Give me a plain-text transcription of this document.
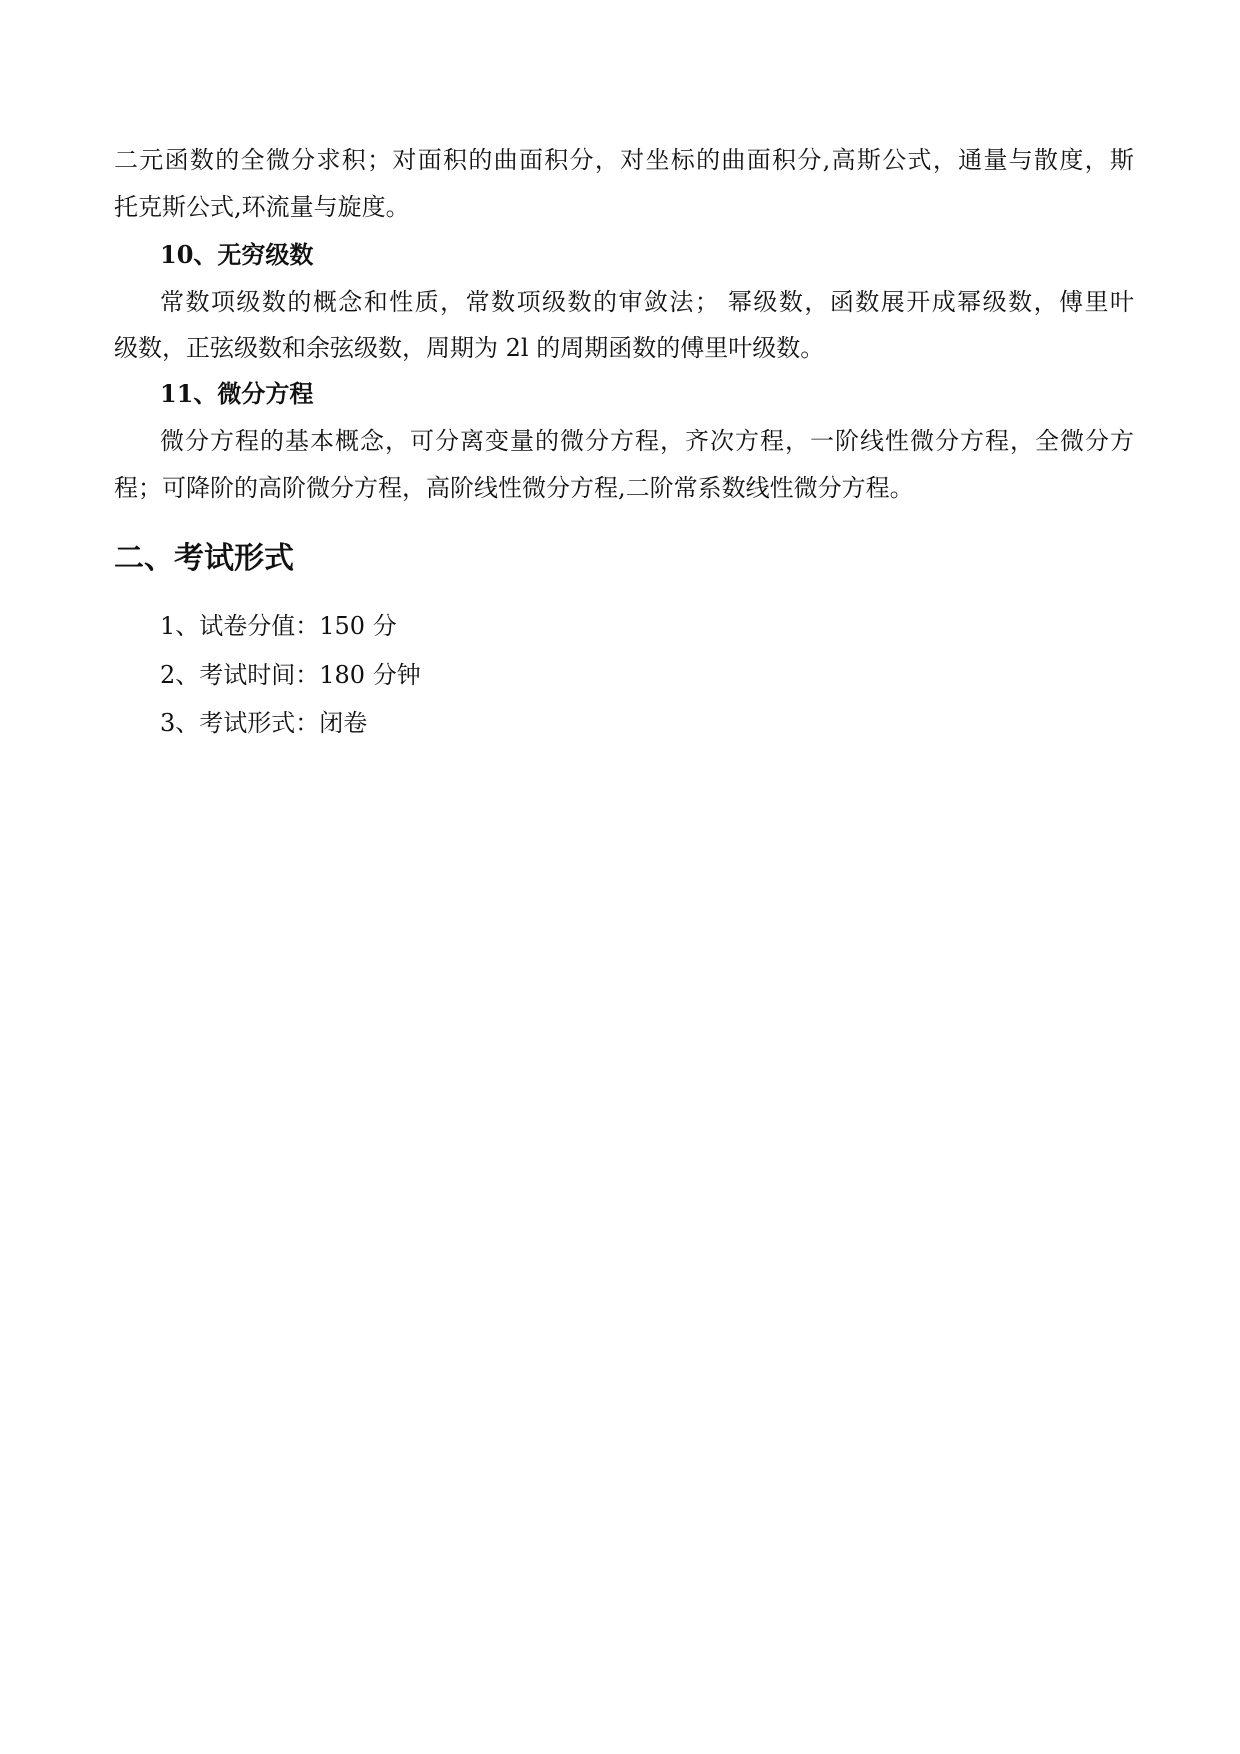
二元函数的全微分求积；对面积的曲面积分，对坐标的曲面积分,高斯公式，通量与散度，斯
托克斯公式,环流量与旋度。
10、无穷级数
常数项级数的概念和性质，常数项级数的审敛法； 幂级数，函数展开成幂级数，傅里叶
级数，正弦级数和余弦级数，周期为 2l 的周期函数的傅里叶级数。
11、微分方程
微分方程的基本概念，可分离变量的微分方程，齐次方程，一阶线性微分方程，全微分方
程；可降阶的高阶微分方程，高阶线性微分方程,二阶常系数线性微分方程。
二、考试形式
1、试卷分值：150 分
2、考试时间：180 分钟
3、考试形式：闭卷
